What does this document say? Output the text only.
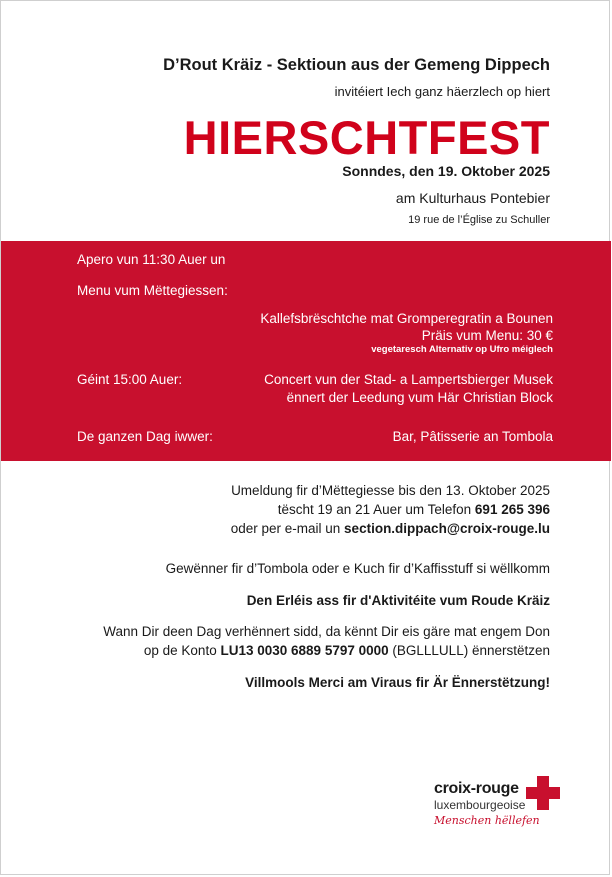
D’Rout Kräiz - Sektioun aus der Gemeng Dippech
invitéiert Iech ganz häerzlech op hiert
HIERSCHTFEST
Sonndes, den 19. Oktober 2025
am Kulturhaus Pontebier
19 rue de l’Église zu Schuller
Apero vun 11:30 Auer un
Menu vum Mëttegiessen:
Kallefsbrëschtche mat Gromperegratin a Bounen
Präis vum Menu: 30 €
vegetaresch Alternativ op Ufro méiglech
Géint 15:00 Auer:	Concert vun der Stad- a Lampertsbierger Musek
ënnert der Leedung vum Här Christian Block
De ganzen Dag iwwer:	Bar, Pâtisserie an Tombola
Umeldung fir d’Mëttegiesse bis den 13. Oktober 2025
tëscht 19 an 21 Auer um Telefon 691 265 396
oder per e-mail un section.dippach@croix-rouge.lu
Gewënner fir d’Tombola oder e Kuch fir d’Kaffisstuff si wëllkomm
Den Erléis ass fir d'Aktivitéite vum Roude Kräiz
Wann Dir deen Dag verhënnert sidd, da kënnt Dir eis gäre mat engem Don
op de Konto LU13 0030 6889 5797 0000 (BGLLLULL) ënnerstëtzen
Villmools Merci am Viraus fir Är Ënnerstëtzung!
croix-rouge
luxembourgeoise
Menschen hëllefen
